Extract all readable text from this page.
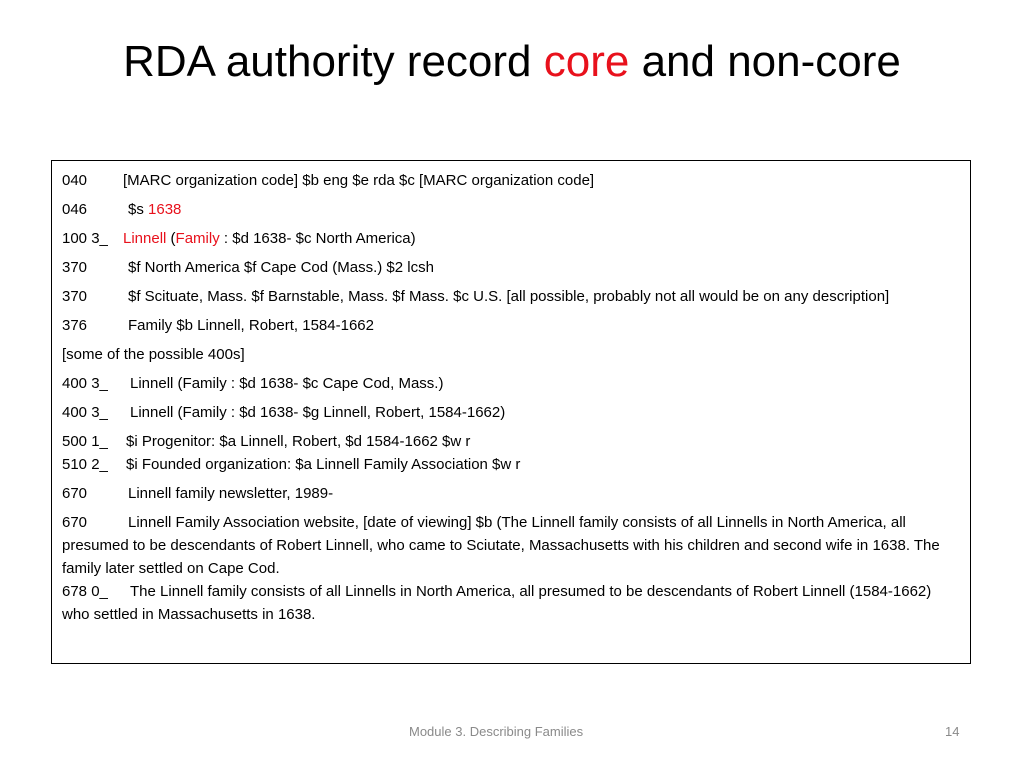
RDA authority record core and non-core
040 [MARC organization code] $b eng $e rda $c [MARC organization code]
046	$s 1638
100 3_ Linnell (Family : $d 1638- $c North America)
370	$f North America $f Cape Cod (Mass.) $2 lcsh
370	$f Scituate, Mass. $f Barnstable, Mass. $f Mass. $c U.S. [all possible, probably not all would be on any description]
376	Family $b Linnell, Robert, 1584-1662
[some of the possible 400s]
400 3_ Linnell (Family : $d 1638- $c Cape Cod, Mass.)
400 3_ Linnell (Family : $d 1638- $g Linnell, Robert, 1584-1662)
500 1_ $i Progenitor: $a Linnell, Robert, $d 1584-1662 $w r
510 2_ $i Founded organization: $a Linnell Family Association $w r
670	Linnell family newsletter, 1989-
670	Linnell Family Association website, [date of viewing] $b (The Linnell family consists of all Linnells in North America, all presumed to be descendants of Robert Linnell, who came to Sciutate, Massachusetts with his children and second wife in 1638. The family later settled on Cape Cod.
678 0_ The Linnell family consists of all Linnells in North America, all presumed to be descendants of Robert Linnell (1584-1662) who settled in Massachusetts in 1638.
Module 3. Describing Families	14
